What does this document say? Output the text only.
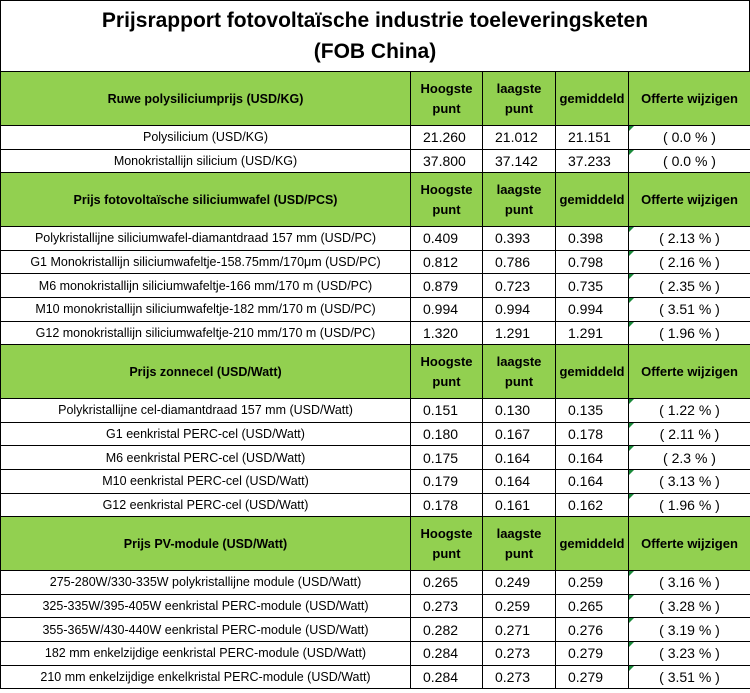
Prijsrapport fotovoltaïsche industrie toeleveringsketen
(FOB China)
Ruwe polysiliciumprijs (USD/KG)	Hoogste punt	laagste punt	gemiddeld	Offerte wijzigen
Polysilicium (USD/KG)	21.260	21.012	21.151	( 0.0 % )
Monokristallijn silicium (USD/KG)	37.800	37.142	37.233	( 0.0 % )
Prijs fotovoltaïsche siliciumwafel (USD/PCS)	Hoogste punt	laagste punt	gemiddeld	Offerte wijzigen
Polykristallijne siliciumwafel-diamantdraad 157 mm (USD/PC)	0.409	0.393	0.398	( 2.13 % )
G1 Monokristallijn siliciumwafeltje-158.75mm/170μm (USD/PC)	0.812	0.786	0.798	( 2.16 % )
M6 monokristallijn siliciumwafeltje-166 mm/170 m (USD/PC)	0.879	0.723	0.735	( 2.35 % )
M10 monokristallijn siliciumwafeltje-182 mm/170 m (USD/PC)	0.994	0.994	0.994	( 3.51 % )
G12 monokristallijn siliciumwafeltje-210 mm/170 m (USD/PC)	1.320	1.291	1.291	( 1.96 % )
Prijs zonnecel (USD/Watt)	Hoogste punt	laagste punt	gemiddeld	Offerte wijzigen
Polykristallijne cel-diamantdraad 157 mm (USD/Watt)	0.151	0.130	0.135	( 1.22 % )
G1 eenkristal PERC-cel (USD/Watt)	0.180	0.167	0.178	( 2.11 % )
M6 eenkristal PERC-cel (USD/Watt)	0.175	0.164	0.164	( 2.3 % )
M10 eenkristal PERC-cel (USD/Watt)	0.179	0.164	0.164	( 3.13 % )
G12 eenkristal PERC-cel (USD/Watt)	0.178	0.161	0.162	( 1.96 % )
Prijs PV-module (USD/Watt)	Hoogste punt	laagste punt	gemiddeld	Offerte wijzigen
275-280W/330-335W polykristallijne module (USD/Watt)	0.265	0.249	0.259	( 3.16 % )
325-335W/395-405W eenkristal PERC-module (USD/Watt)	0.273	0.259	0.265	( 3.28 % )
355-365W/430-440W eenkristal PERC-module (USD/Watt)	0.282	0.271	0.276	( 3.19 % )
182 mm enkelzijdige eenkristal PERC-module (USD/Watt)	0.284	0.273	0.279	( 3.23 % )
210 mm enkelzijdige enkelkristal PERC-module (USD/Watt)	0.284	0.273	0.279	( 3.51 % )
